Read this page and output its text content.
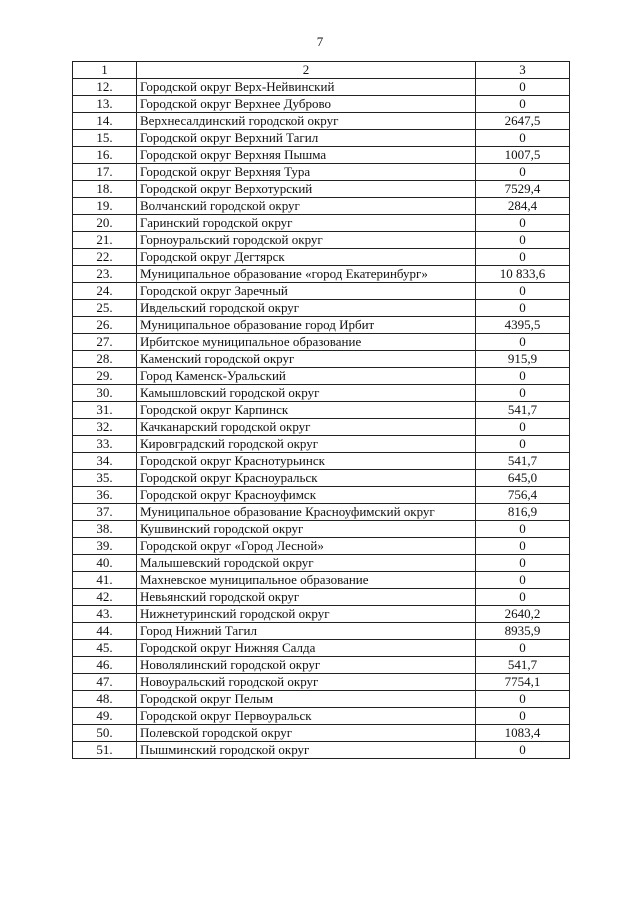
7
1	2	3
12.	Городской округ Верх-Нейвинский	0
13.	Городской округ Верхнее Дуброво	0
14.	Верхнесалдинский городской округ	2647,5
15.	Городской округ Верхний Тагил	0
16.	Городской округ Верхняя Пышма	1007,5
17.	Городской округ Верхняя Тура	0
18.	Городской округ Верхотурский	7529,4
19.	Волчанский городской округ	284,4
20.	Гаринский городской округ	0
21.	Горноуральский городской округ	0
22.	Городской округ Дегтярск	0
23.	Муниципальное образование «город Екатеринбург»	10 833,6
24.	Городской округ Заречный	0
25.	Ивдельский городской округ	0
26.	Муниципальное образование город Ирбит	4395,5
27.	Ирбитское муниципальное образование	0
28.	Каменский городской округ	915,9
29.	Город Каменск-Уральский	0
30.	Камышловский городской округ	0
31.	Городской округ Карпинск	541,7
32.	Качканарский городской округ	0
33.	Кировградский городской округ	0
34.	Городской округ Краснотурьинск	541,7
35.	Городской округ Красноуральск	645,0
36.	Городской округ Красноуфимск	756,4
37.	Муниципальное образование Красноуфимский округ	816,9
38.	Кушвинский городской округ	0
39.	Городской округ «Город Лесной»	0
40.	Малышевский городской округ	0
41.	Махневское муниципальное образование	0
42.	Невьянский городской округ	0
43.	Нижнетуринский городской округ	2640,2
44.	Город Нижний Тагил	8935,9
45.	Городской округ Нижняя Салда	0
46.	Новолялинский городской округ	541,7
47.	Новоуральский городской округ	7754,1
48.	Городской округ Пелым	0
49.	Городской округ Первоуральск	0
50.	Полевской городской округ	1083,4
51.	Пышминский городской округ	0
